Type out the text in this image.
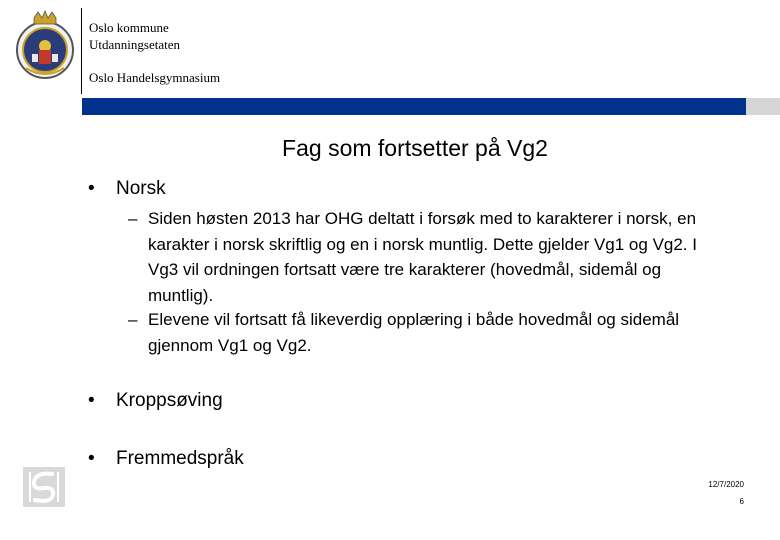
Oslo kommune
Utdanningsetaten
Oslo Handelsgymnasium
Fag som fortsetter på Vg2
• Norsk
– Siden høsten 2013 har OHG deltatt i forsøk med to karakterer i norsk, en karakter i norsk skriftlig og en i norsk muntlig. Dette gjelder Vg1 og Vg2. I Vg3 vil ordningen fortsatt være tre karakterer (hovedmål, sidemål og muntlig).
– Elevene vil fortsatt få likeverdig opplæring i både hovedmål og sidemål gjennom Vg1 og Vg2.
• Kroppsøving
• Fremmedspråk
12/7/2020
6
